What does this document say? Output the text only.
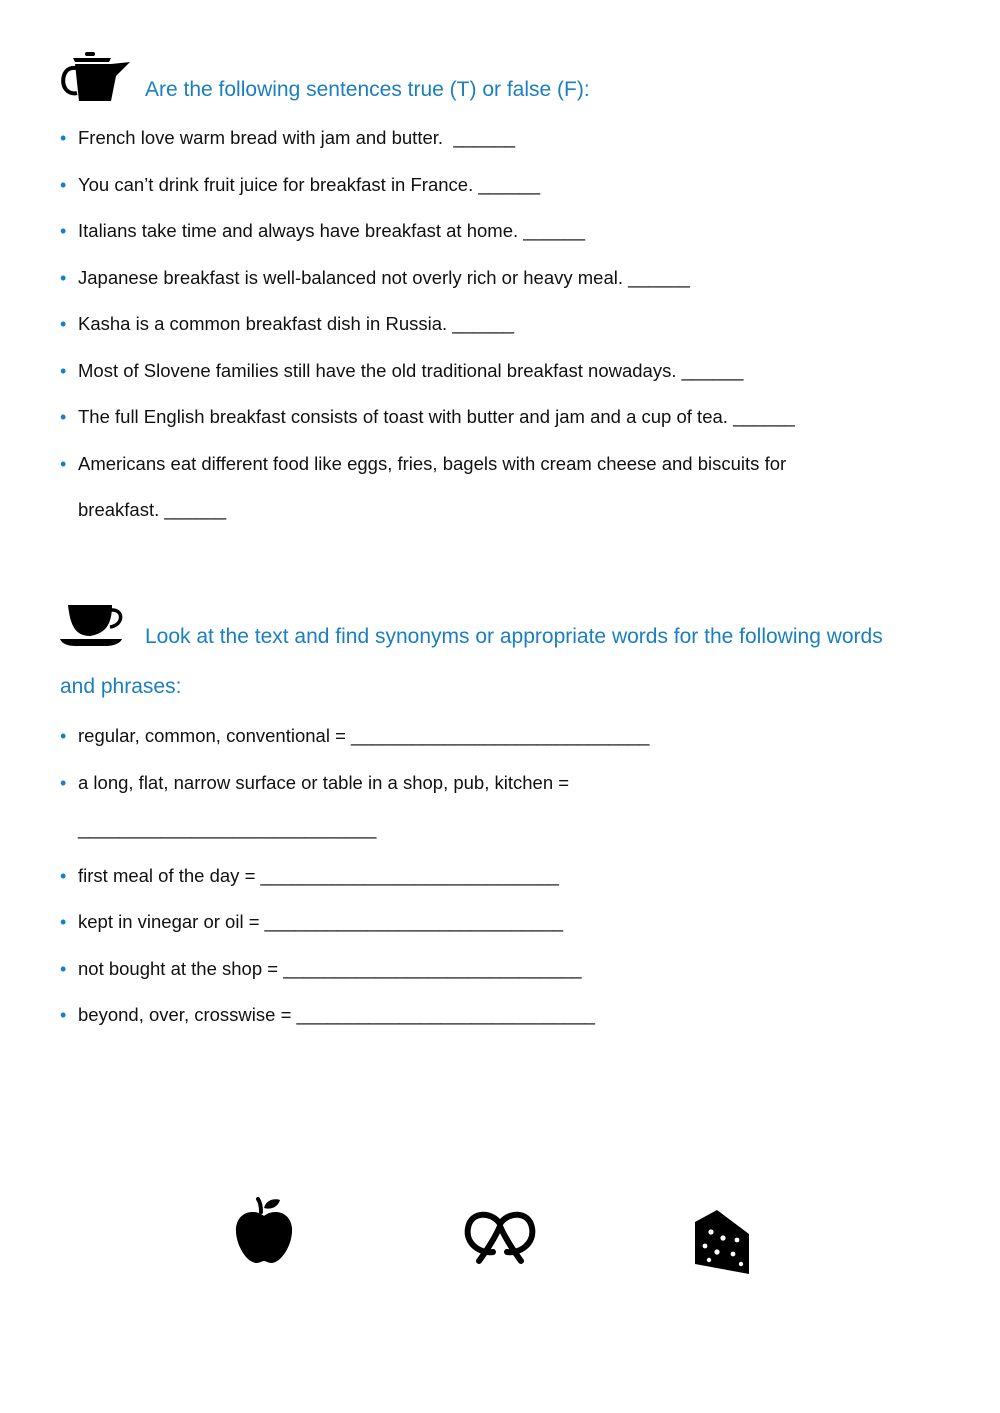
Are the following sentences true (T) or false (F):
• French love warm bread with jam and butter. ______
• You can’t drink fruit juice for breakfast in France. ______
• Italians take time and always have breakfast at home. ______
• Japanese breakfast is well-balanced not overly rich or heavy meal. ______
• Kasha is a common breakfast dish in Russia. ______
• Most of Slovene families still have the old traditional breakfast nowadays. ______
• The full English breakfast consists of toast with butter and jam and a cup of tea. ______
• Americans eat different food like eggs, fries, bagels with cream cheese and biscuits for
breakfast. ______
Look at the text and find synonyms or appropriate words for the following words
and phrases:
• regular, common, conventional = _____________________________
• a long, flat, narrow surface or table in a shop, pub, kitchen =
_____________________________
• first meal of the day = _____________________________
• kept in vinegar or oil = _____________________________
• not bought at the shop = _____________________________
• beyond, over, crosswise = _____________________________
